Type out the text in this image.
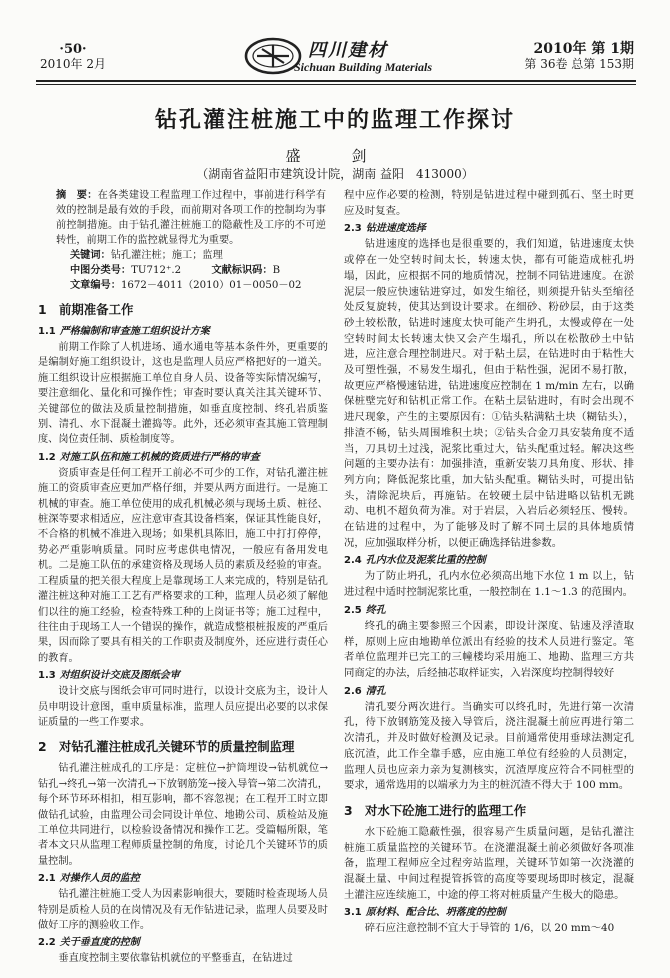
·50·
2010年 2月
四川建材
Sichuan Building Materials
2010年 第 1期
第 36卷 总第 153期
钻孔灌注桩施工中的监理工作探讨
盛　剑
（湖南省益阳市建筑设计院，湖南 益阳　413000）
摘　要：在各类建设工程监理工作过程中，事前进行科学有效的控制是最有效的手段，而前期对各项工作的控制均为事前控制措施。由于钻孔灌注桩施工的隐蔽性及工序的不可逆转性，前期工作的监控就显得尤为重要。
关键词：钻孔灌注桩；施工；监理
中图分类号：TU712⁺.2　　	文献标识码：B
文章编号：1672－4011（2010）01－0050－02
1　前期准备工作
1.1 严格编制和审查施工组织设计方案

前期工作除了人机进场、通水通电等基本条件外，更重要的是编制好施工组织设计，这也是监理人员应严格把好的一道关。施工组织设计应根据施工单位自身人员、设备等实际情况编写，要注意细化、量化和可操作性；审查时要认真关注其关键环节、关键部位的做法及质量控制措施，如垂直度控制、终孔岩质鉴别、清孔、水下混凝土灌捣等。此外，还必须审查其施工管理制度、岗位责任制、质检制度等。

1.2 对施工队伍和施工机械的资质进行严格的审查

资质审查是任何工程开工前必不可少的工作，对钻孔灌注桩施工的资质审查应更加严格仔细，并要从两方面进行。一是施工机械的审查。施工单位使用的成孔机械必须与现场土质、桩径、桩深等要求相适应，应注意审查其设备档案，保证其性能良好，不合格的机械不准进入现场；如果机具陈旧，施工中打打停停，势必严重影响质量。同时应考虑供电情况，一般应有备用发电机。二是施工队伍的承建资格及现场人员的素质及经验的审查。工程质量的把关很大程度上是靠现场工人来完成的，特别是钻孔灌注桩这种对施工工艺有严格要求的工种，监理人员必须了解他们以往的施工经验，检查特殊工种的上岗证书等；施工过程中，往往由于现场工人一个错误的操作，就造成整根桩报废的严重后果，因而除了要具有相关的工作职责及制度外，还应进行责任心的教育。

1.3 对组织设计交底及图纸会审

设计交底与图纸会审可同时进行，以设计交底为主，设计人员申明设计意图，重申质量标准，监理人员应提出必要的以求保证质量的一些工作要求。

2　对钻孔灌注桩成孔关键环节的质量控制监理

钻孔灌注桩成孔的工序是：定桩位→护筒埋设→钻机就位→钻孔→终孔→第一次清孔→下放钢筋笼→接入导管→第二次清孔，每个环节环环相扣，相互影响，都不容忽视；在工程开工时立即做钻孔试验，由监理公司会同设计单位、地勘公司、质检站及施工单位共同进行，以检验设备情况和操作工艺。受篇幅所限，笔者本文只从监理工程师质量控制的角度，讨论几个关键环节的质量控制。

2.1 对操作人员的监控

钻孔灌注桩施工受人为因素影响很大，要随时检查现场人员特别是质检人员的在岗情况及有无作钻进记录，监理人员要及时做好工序的测验收工作。

2.2 关于垂直度的控制

垂直度控制主要依靠钻机就位的平整垂直，在钻进过

程中应作必要的检测，特别是钻进过程中碰到孤石、坚土时更应及时复查。

2.3 钻进速度选择

钻进速度的选择也是很重要的，我们知道，钻进速度太快或停在一处空转时间太长，转速太快，都有可能造成桩孔坍塌，因此，应根据不同的地质情况，控制不同钻进速度。在淤泥层一般应快速钻进穿过，如发生缩径，则须提升钻头至缩径处反复旋转，使其达到设计要求。在细砂、粉砂层，由于这类砂土较松散，钻进时速度太快可能产生坍孔，太慢或停在一处空转时间太长转速太快又会产生塌孔，所以在松散砂土中钻进，应注意合理控制进尺。对于粘土层，在钻进时由于粘性大及可塑性强，不易发生塌孔，但由于粘性强，泥团不易打散，故更应严格慢速钻进，钻进速度应控制在 1 m/min 左右，以确保桩壁完好和钻机正常工作。在粘土层钻进时，有时会出现不进尺现象，产生的主要原因有：①钻头粘满粘土块（糊钻头），排渣不畅，钻头周围堆积土块；②钻头合金刀具安装角度不适当，刀具切土过浅，泥浆比重过大，钻头配重过轻。解决这些问题的主要办法有：加强排渣，重新安装刀具角度、形状、排列方向；降低泥浆比重，加大钻头配重。糊钻头时，可提出钻头，清除泥块后，再施钻。在较硬土层中钻进略以钻机无跳动、电机不超负荷为准。对于岩层，入岩后必须轻压、慢转。在钻进的过程中，为了能够及时了解不同土层的具体地质情况，应加强取样分析，以便正确选择钻进参数。

2.4 孔内水位及泥浆比重的控制

为了防止坍孔，孔内水位必须高出地下水位 1 m 以上，钻进过程中适时控制泥浆比重，一般控制在 1.1～1.3 的范围内。

2.5 终孔

终孔的确主要参照三个因素，即设计深度、钻速及浮渣取样，原则上应由地勘单位派出有经验的技术人员进行鉴定。笔者单位监理并已完工的三幢楼均采用施工、地勘、监理三方共同商定的办法，后经抽芯取样证实，入岩深度均控制得较好

2.6 清孔

清孔要分两次进行。当确实可以终孔时，先进行第一次清孔，待下放钢筋笼及接入导管后，浇注混凝土前应再进行第二次清孔，并及时做好检测及记录。目前通常使用垂球法测定孔底沉渣，此工作全靠手感，应由施工单位有经验的人员测定，监理人员也应亲力亲为复测核实，沉渣厚度应符合不同桩型的要求，通常选用的以端承力为主的桩沉渣不得大于 100 mm。

3　对水下砼施工进行的监理工作

水下砼施工隐蔽性强，很容易产生质量问题，是钻孔灌注桩施工质量监控的关键环节。在浇灌混凝土前必须做好各项准备，监理工程师应全过程旁站监理，关键环节如第一次浇灌的混凝土量、中间过程提管拆管的高度等要现场即时核定，混凝土灌注应连续施工，中途的停工将对桩质量产生极大的隐患。

3.1 原材料、配合比、坍落度的控制

碎石应注意控制不宜大于导管的 1/6，以 20 mm～40
